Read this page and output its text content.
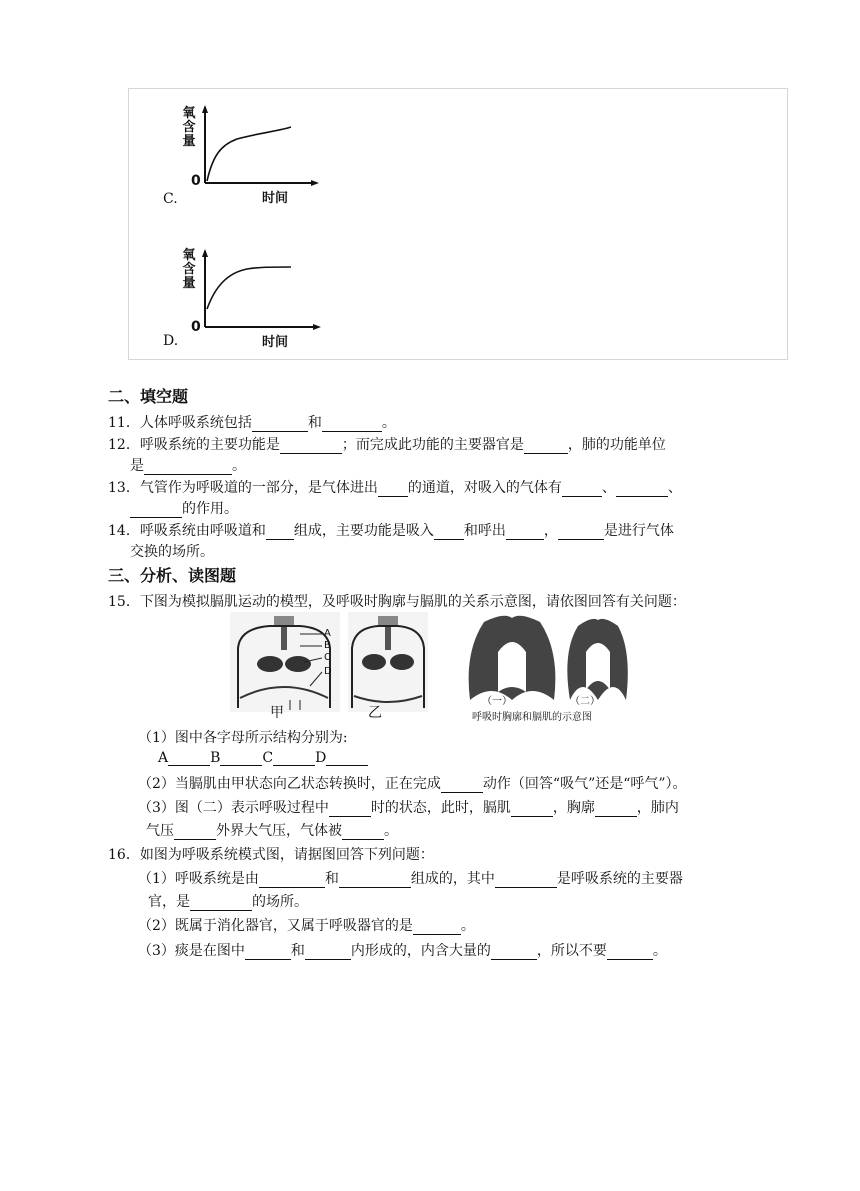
C.
氧含量
0
时间
D.
氧含量
0
时间
二、填空题
11．人体呼吸系统包括	和	。
12．呼吸系统的主要功能是	；而完成此功能的主要器官是	，肺的功能单位
是	。
13．气管作为呼吸道的一部分，是气体进出 的通道，对吸入的气体有	、	、
的作用。
14．呼吸系统由呼吸道和 组成，主要功能是吸入 和呼出	，	是进行气体
交换的场所。
三、分析、读图题
15．下图为模拟膈肌运动的模型，及呼吸时胸廓与膈肌的关系示意图，请依图回答有关问题：
A
B
C
D
甲	乙
（一）	（二）
呼吸时胸廓和膈肌的示意图
（1）图中各字母所示结构分别为:
A	B	C	D
（2）当膈肌由甲状态向乙状态转换时，正在完成	动作（回答“吸气”还是“呼气”）。
（3）图（二）表示呼吸过程中	时的状态，此时，膈肌	，胸廓	，肺内
气压	外界大气压，气体被	。
16．如图为呼吸系统模式图，请据图回答下列问题：
（1）呼吸系统是由	和	组成的，其中	是呼吸系统的主要器
官，是	的场所。
（2）既属于消化器官，又属于呼吸器官的是	。
（3）痰是在图中	和	内形成的，内含大量的	，所以不要	。
